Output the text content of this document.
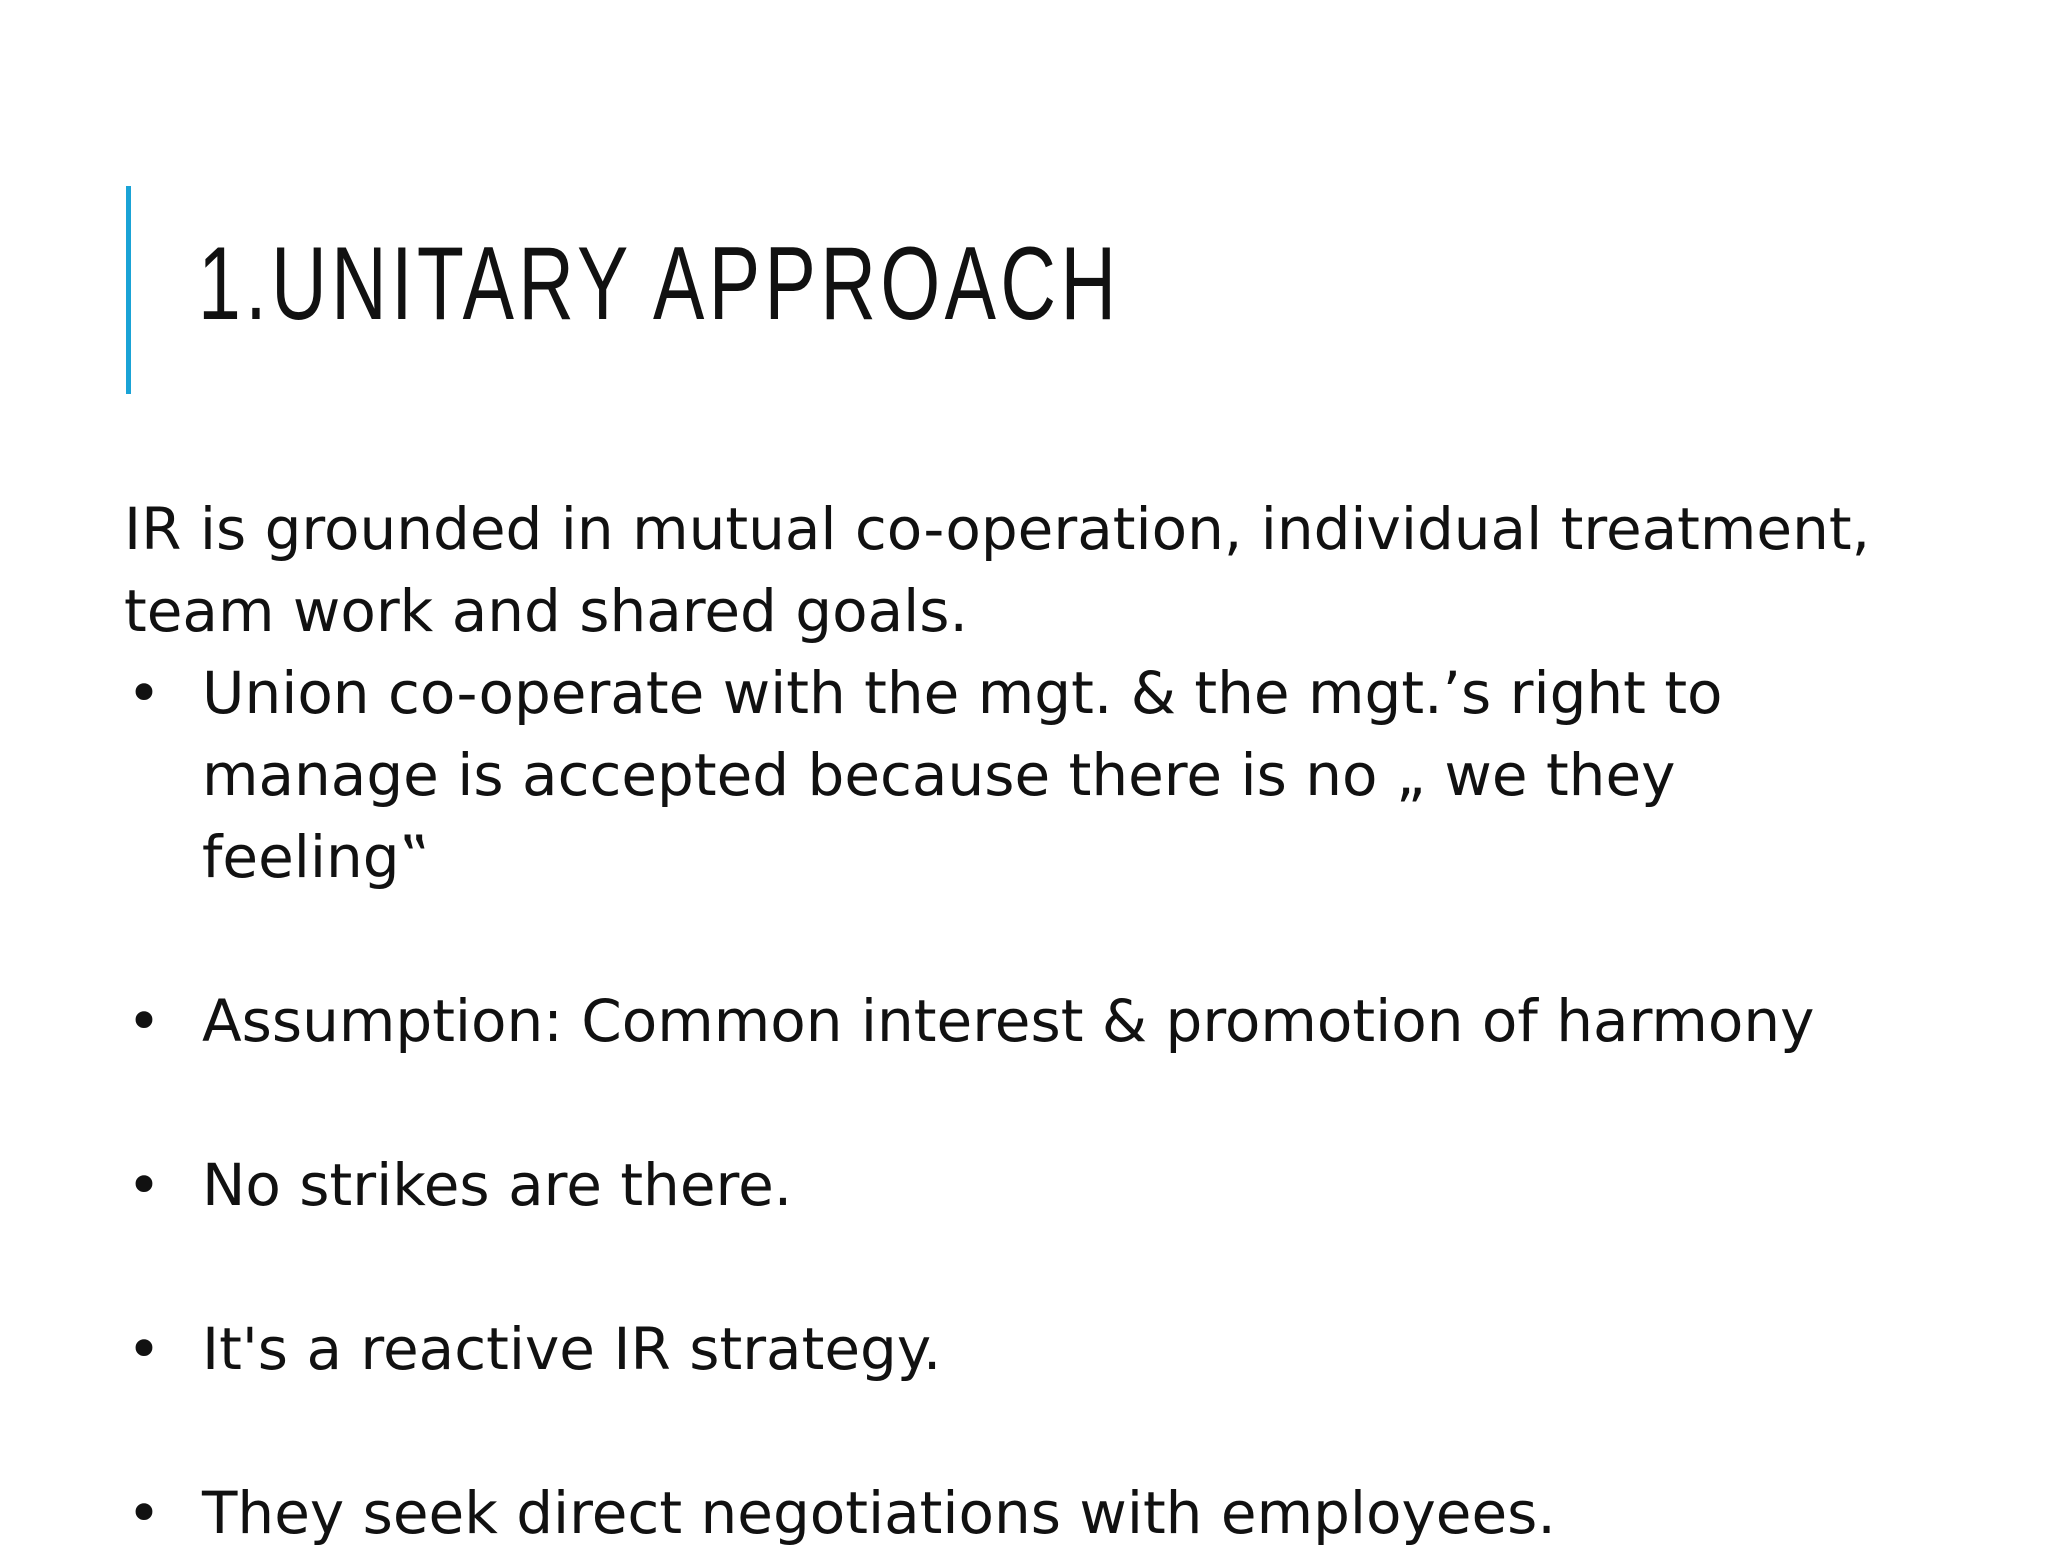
1.UNITARY APPROACH

IR is grounded in mutual co-operation, individual treatment, team work and shared goals.

• Union co-operate with the mgt. & the mgt.’s right to manage is accepted because there is no „ we they feeling‟
• Assumption: Common interest & promotion of harmony
• No strikes are there.
• It's a reactive IR strategy.
• They seek direct negotiations with employees.
